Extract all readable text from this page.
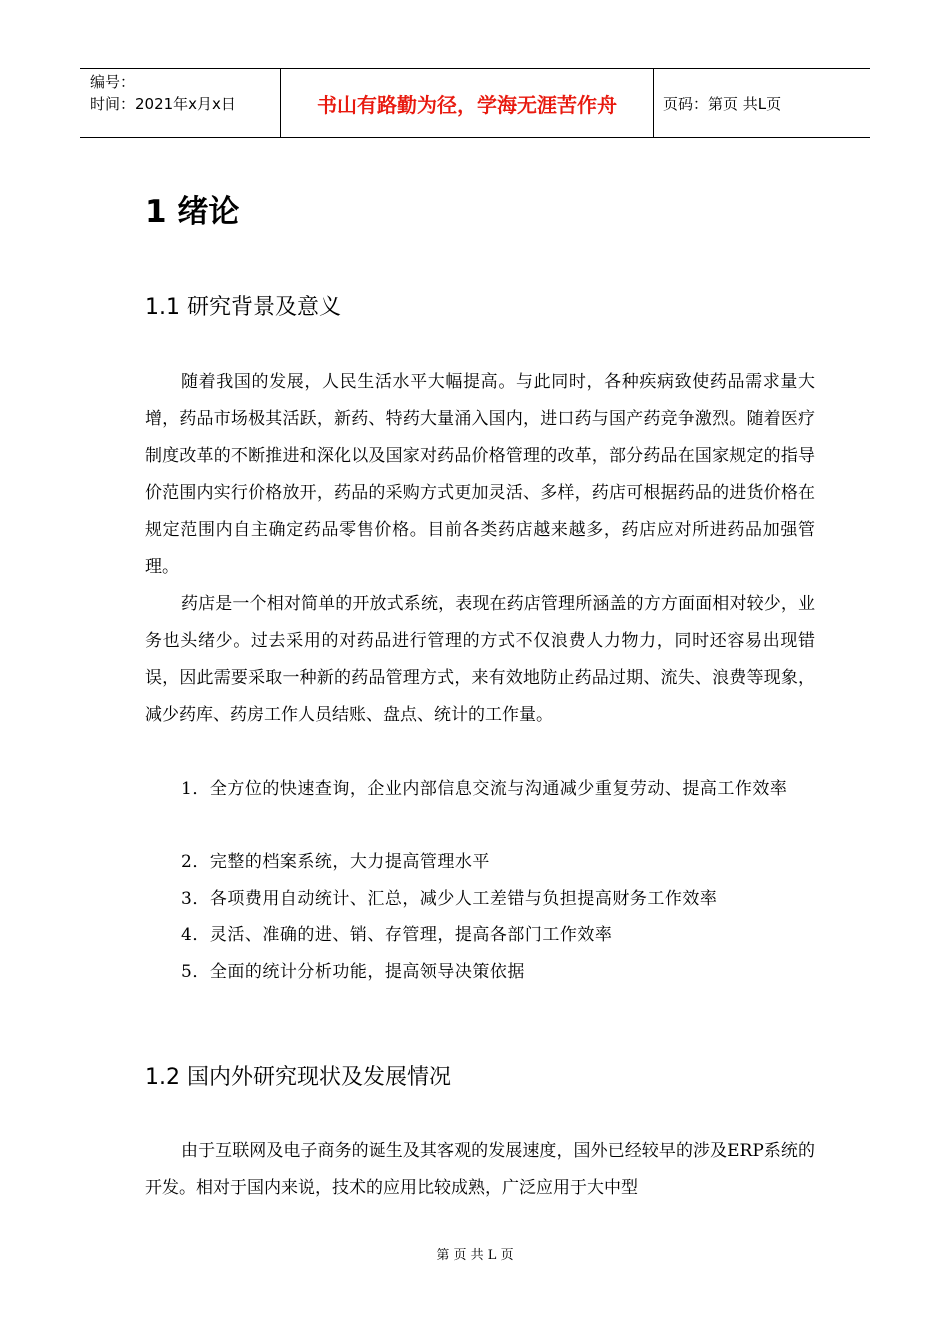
编号：
时间：2021年x月x日	书山有路勤为径，学海无涯苦作舟	页码：第页 共L页
1 绪论
1.1 研究背景及意义

随着我国的发展，人民生活水平大幅提高。与此同时，各种疾病致使药品需求量大增，药品市场极其活跃，新药、特药大量涌入国内，进口药与国产药竞争激烈。随着医疗制度改革的不断推进和深化以及国家对药品价格管理的改革，部分药品在国家规定的指导价范围内实行价格放开，药品的采购方式更加灵活、多样，药店可根据药品的进货价格在规定范围内自主确定药品零售价格。目前各类药店越来越多，药店应对所进药品加强管理。

药店是一个相对简单的开放式系统，表现在药店管理所涵盖的方方面面相对较少，业务也头绪少。过去采用的对药品进行管理的方式不仅浪费人力物力，同时还容易出现错误，因此需要采取一种新的药品管理方式，来有效地防止药品过期、流失、浪费等现象，减少药库、药房工作人员结账、盘点、统计的工作量。

1．全方位的快速查询，企业内部信息交流与沟通减少重复劳动、提高工作效率

2．完整的档案系统，大力提高管理水平

3．各项费用自动统计、汇总，减少人工差错与负担提高财务工作效率

4．灵活、准确的进、销、存管理，提高各部门工作效率

5．全面的统计分析功能，提高领导决策依据

1.2 国内外研究现状及发展情况

由于互联网及电子商务的诞生及其客观的发展速度，国外已经较早的涉及ERP系统的开发。相对于国内来说，技术的应用比较成熟，广泛应用于大中型

第 页 共 L 页
